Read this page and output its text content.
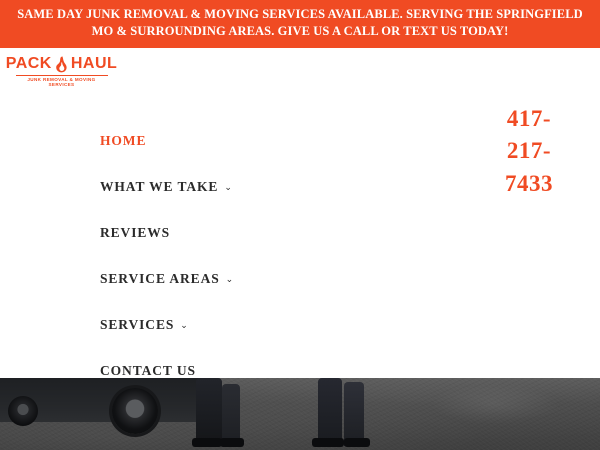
SAME DAY JUNK REMOVAL & MOVING SERVICES AVAILABLE. SERVING THE SPRINGFIELD MO & SURROUNDING AREAS. GIVE US A CALL OR TEXT US TODAY!
PACK HAUL
JUNK REMOVAL & MOVING SERVICES
HOME
WHAT WE TAKE ⌄
REVIEWS
SERVICE AREAS ⌄
SERVICES ⌄
CONTACT US
417-
217-
7433
